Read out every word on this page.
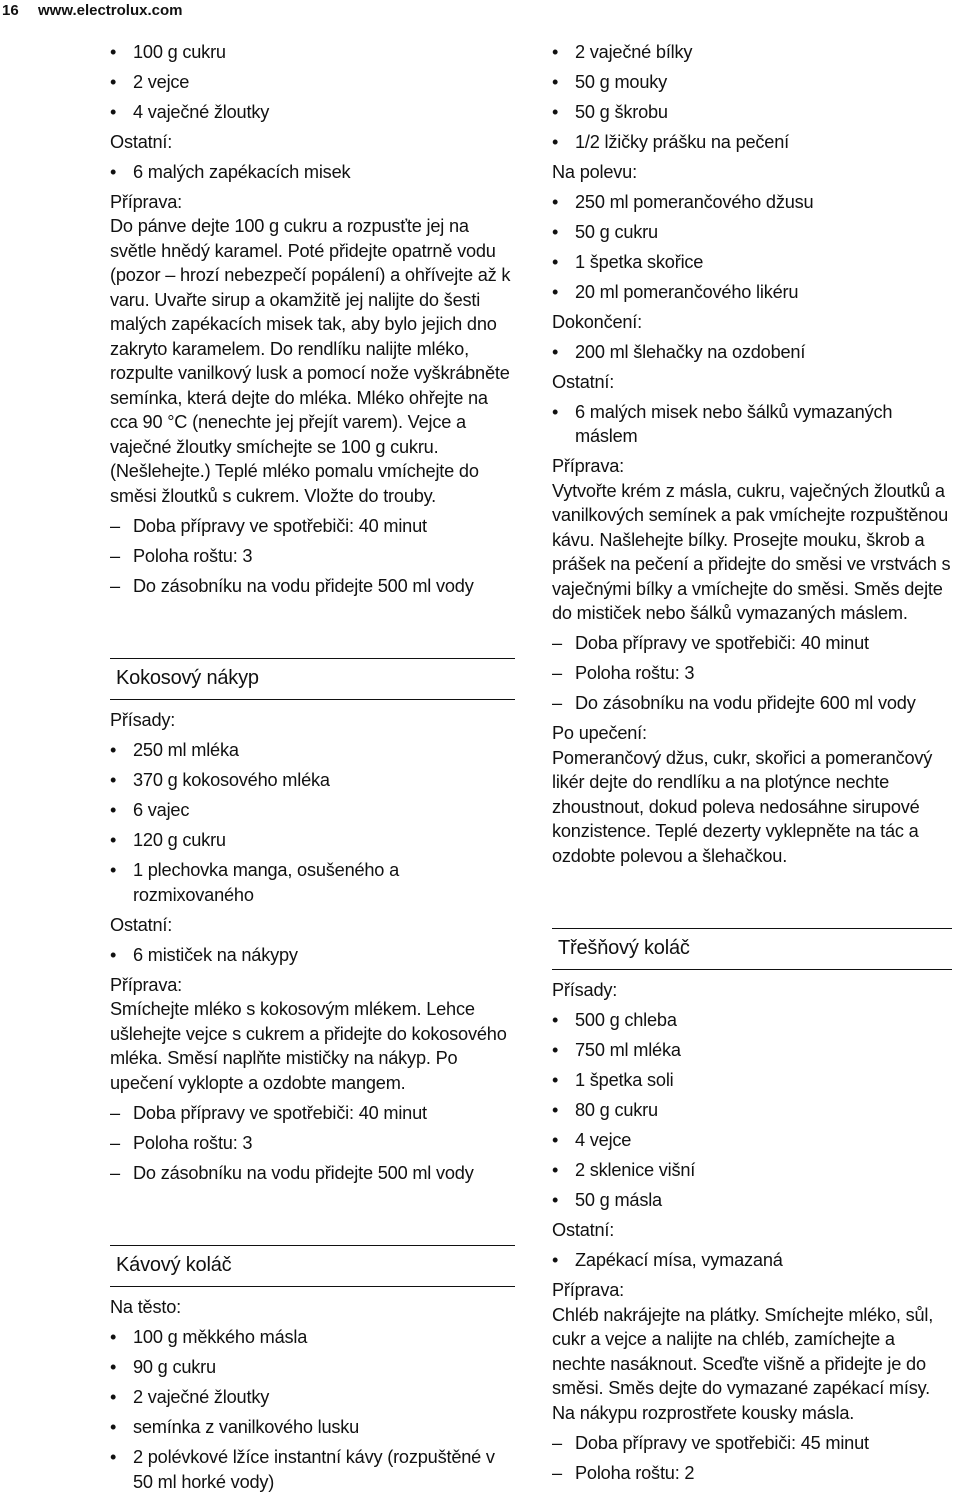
16 www.electrolux.com
• 100 g cukru
• 2 vejce
• 4 vaječné žloutky

Ostatní:

• 6 malých zapékacích misek

Příprava:

Do pánve dejte 100 g cukru a rozpusťte jej na světle hnědý karamel. Poté přidejte opatrně vodu (pozor – hrozí nebezpečí popálení) a ohřívejte až k varu. Uvařte sirup a okamžitě jej nalijte do šesti malých zapékacích misek tak, aby bylo jejich dno zakryto karamelem. Do rendlíku nalijte mléko, rozpulte vanilkový lusk a pomocí nože vyškrábněte semínka, která dejte do mléka. Mléko ohřejte na cca 90 °C (nenechte jej přejít varem). Vejce a vaječné žloutky smíchejte se 100 g cukru. (Nešlehejte.) Teplé mléko pomalu vmíchejte do směsi žloutků s cukrem. Vložte do trouby.

– Doba přípravy ve spotřebiči: 40 minut
– Poloha roštu: 3
– Do zásobníku na vodu přidejte 500 ml vody
Kokosový nákyp

Přísady:

• 250 ml mléka
• 370 g kokosového mléka
• 6 vajec
• 120 g cukru
• 1 plechovka manga, osušeného a rozmixovaného

Ostatní:

• 6 mističek na nákypy

Příprava:

Smíchejte mléko s kokosovým mlékem. Lehce ušlehejte vejce s cukrem a přidejte do kokosového mléka. Směsí naplňte mističky na nákyp. Po upečení vyklopte a ozdobte mangem.

– Doba přípravy ve spotřebiči: 40 minut
– Poloha roštu: 3
– Do zásobníku na vodu přidejte 500 ml vody
Kávový koláč

Na těsto:

• 100 g měkkého másla
• 90 g cukru
• 2 vaječné žloutky
• semínka z vanilkového lusku
• 2 polévkové lžíce instantní kávy (rozpuštěné v 50 ml horké vody)
• 2 vaječné bílky
• 50 g mouky
• 50 g škrobu
• 1/2 lžičky prášku na pečení

Na polevu:

• 250 ml pomerančového džusu
• 50 g cukru
• 1 špetka skořice
• 20 ml pomerančového likéru

Dokončení:

• 200 ml šlehačky na ozdobení

Ostatní:

• 6 malých misek nebo šálků vymazaných máslem

Příprava:

Vytvořte krém z másla, cukru, vaječných žloutků a vanilkových semínek a pak vmíchejte rozpuštěnou kávu. Našlehejte bílky. Prosejte mouku, škrob a prášek na pečení a přidejte do směsi ve vrstvách s vaječnými bílky a vmíchejte do směsi. Směs dejte do mističek nebo šálků vymazaných máslem.

– Doba přípravy ve spotřebiči: 40 minut
– Poloha roštu: 3
– Do zásobníku na vodu přidejte 600 ml vody

Po upečení:

Pomerančový džus, cukr, skořici a pomerančový likér dejte do rendlíku a na plotýnce nechte zhoustnout, dokud poleva nedosáhne sirupové konzistence. Teplé dezerty vyklepněte na tác a ozdobte polevou a šlehačkou.

Třešňový koláč

Přísady:

• 500 g chleba
• 750 ml mléka
• 1 špetka soli
• 80 g cukru
• 4 vejce
• 2 sklenice višní
• 50 g másla

Ostatní:

• Zapékací mísa, vymazaná

Příprava:

Chléb nakrájejte na plátky. Smíchejte mléko, sůl, cukr a vejce a nalijte na chléb, zamíchejte a nechte nasáknout. Sceďte višně a přidejte je do směsi. Směs dejte do vymazané zapékací mísy. Na nákypu rozprostřete kousky másla.

– Doba přípravy ve spotřebiči: 45 minut
– Poloha roštu: 2
